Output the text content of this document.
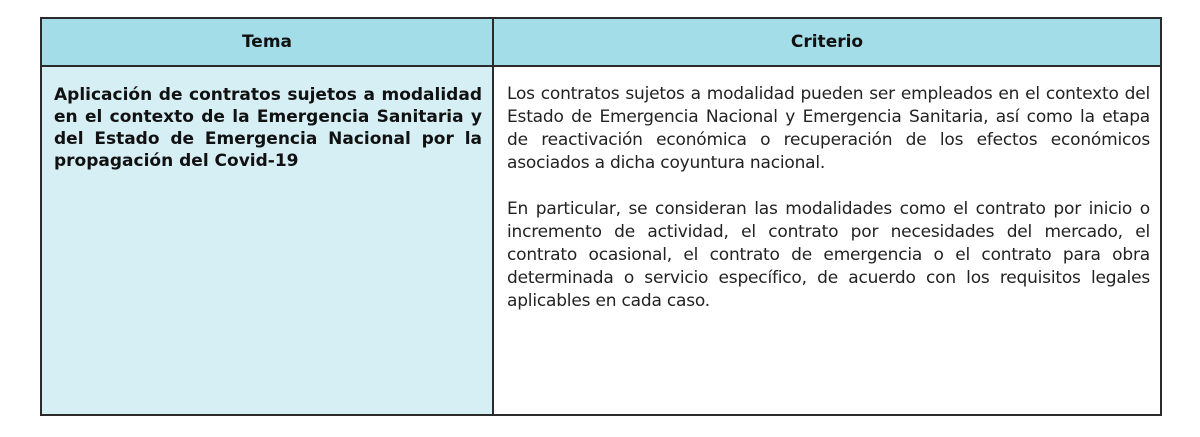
Tema	Criterio
Aplicación de contratos sujetos a modalidad en el contexto de la Emergencia Sanitaria y del Estado de Emergencia Nacional por la propagación del Covid-19

Los contratos sujetos a modalidad pueden ser empleados en el contexto del Estado de Emergencia Nacional y Emergencia Sanitaria, así como la etapa de reactivación económica o recuperación de los efectos económicos asociados a dicha coyuntura nacional.

En particular, se consideran las modalidades como el contrato por inicio o incremento de actividad, el contrato por necesidades del mercado, el contrato ocasional, el contrato de emergencia o el contrato para obra determinada o servicio específico, de acuerdo con los requisitos legales aplicables en cada caso.
